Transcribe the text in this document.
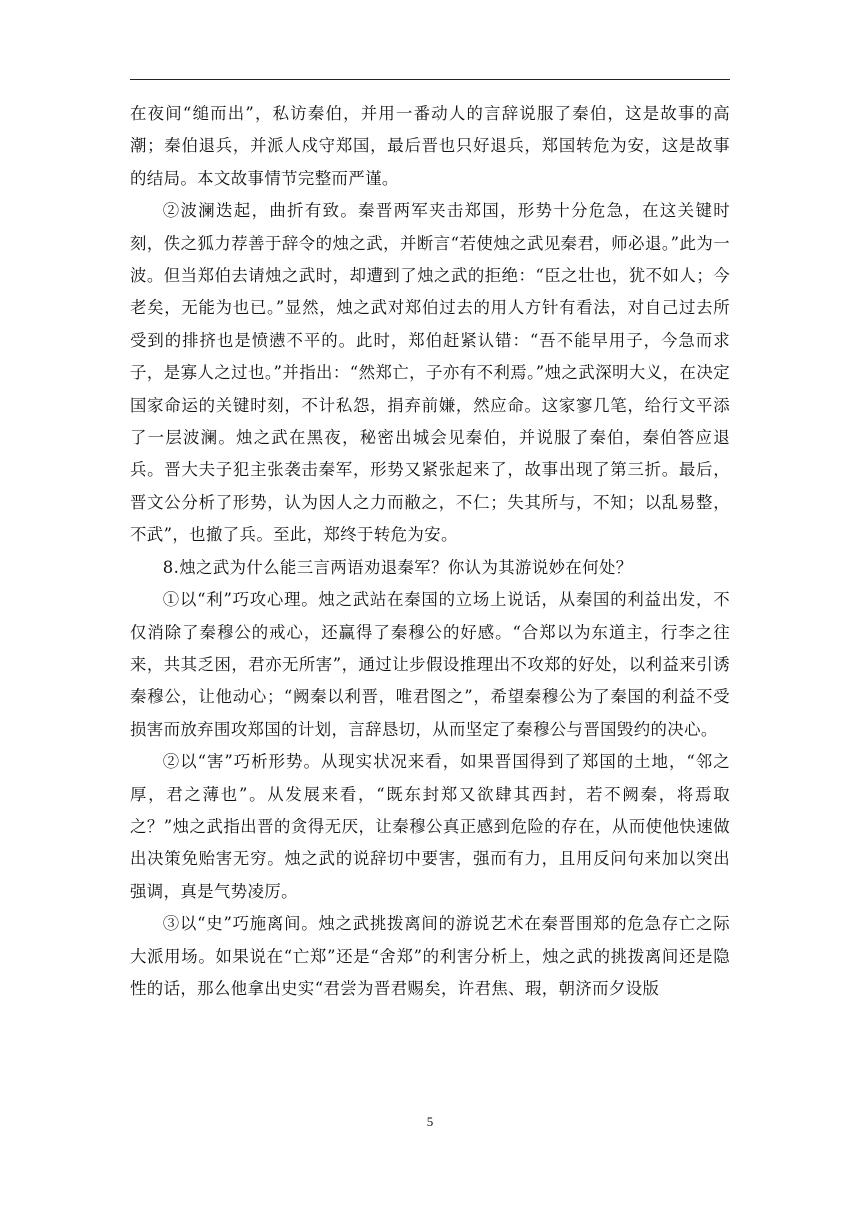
在夜间“缒而出”，私访秦伯，并用一番动人的言辞说服了秦伯，这是故事的高潮；秦伯退兵，并派人戍守郑国，最后晋也只好退兵，郑国转危为安，这是故事的结局。本文故事情节完整而严谨。

②波澜迭起，曲折有致。秦晋两军夹击郑国，形势十分危急，在这关键时刻，佚之狐力荐善于辞令的烛之武，并断言“若使烛之武见秦君，师必退。”此为一波。但当郑伯去请烛之武时，却遭到了烛之武的拒绝：“臣之壮也，犹不如人；今老矣，无能为也已。”显然，烛之武对郑伯过去的用人方针有看法，对自己过去所受到的排挤也是愤懑不平的。此时，郑伯赶紧认错：“吾不能早用子，今急而求子，是寡人之过也。”并指出：“然郑亡，子亦有不利焉。”烛之武深明大义，在决定国家命运的关键时刻，不计私怨，捐弃前嫌，然应命。这家寥几笔，给行文平添了一层波澜。烛之武在黑夜，秘密出城会见秦伯，并说服了秦伯，秦伯答应退兵。晋大夫子犯主张袭击秦军，形势又紧张起来了，故事出现了第三折。最后，晋文公分析了形势，认为因人之力而敝之，不仁；失其所与，不知；以乱易整，不武”，也撤了兵。至此，郑终于转危为安。

8.烛之武为什么能三言两语劝退秦军？你认为其游说妙在何处？

①以“利”巧攻心理。烛之武站在秦国的立场上说话，从秦国的利益出发，不仅消除了秦穆公的戒心，还赢得了秦穆公的好感。“合郑以为东道主，行李之往来，共其乏困，君亦无所害”，通过让步假设推理出不攻郑的好处，以利益来引诱秦穆公，让他动心；“阙秦以利晋，唯君图之”，希望秦穆公为了秦国的利益不受损害而放弃围攻郑国的计划，言辞恳切，从而坚定了秦穆公与晋国毁约的决心。

②以“害”巧析形势。从现实状况来看，如果晋国得到了郑国的土地，“邻之厚，君之薄也”。从发展来看，“既东封郑又欲肆其西封，若不阙秦，将焉取之？”烛之武指出晋的贪得无厌，让秦穆公真正感到危险的存在，从而使他快速做出决策免贻害无穷。烛之武的说辞切中要害，强而有力，且用反问句来加以突出强调，真是气势凌厉。

③以“史”巧施离间。烛之武挑拨离间的游说艺术在秦晋围郑的危急存亡之际大派用场。如果说在“亡郑”还是“舍郑”的利害分析上，烛之武的挑拨离间还是隐性的话，那么他拿出史实“君尝为晋君赐矣，许君焦、瑕，朝济而夕设版

5
